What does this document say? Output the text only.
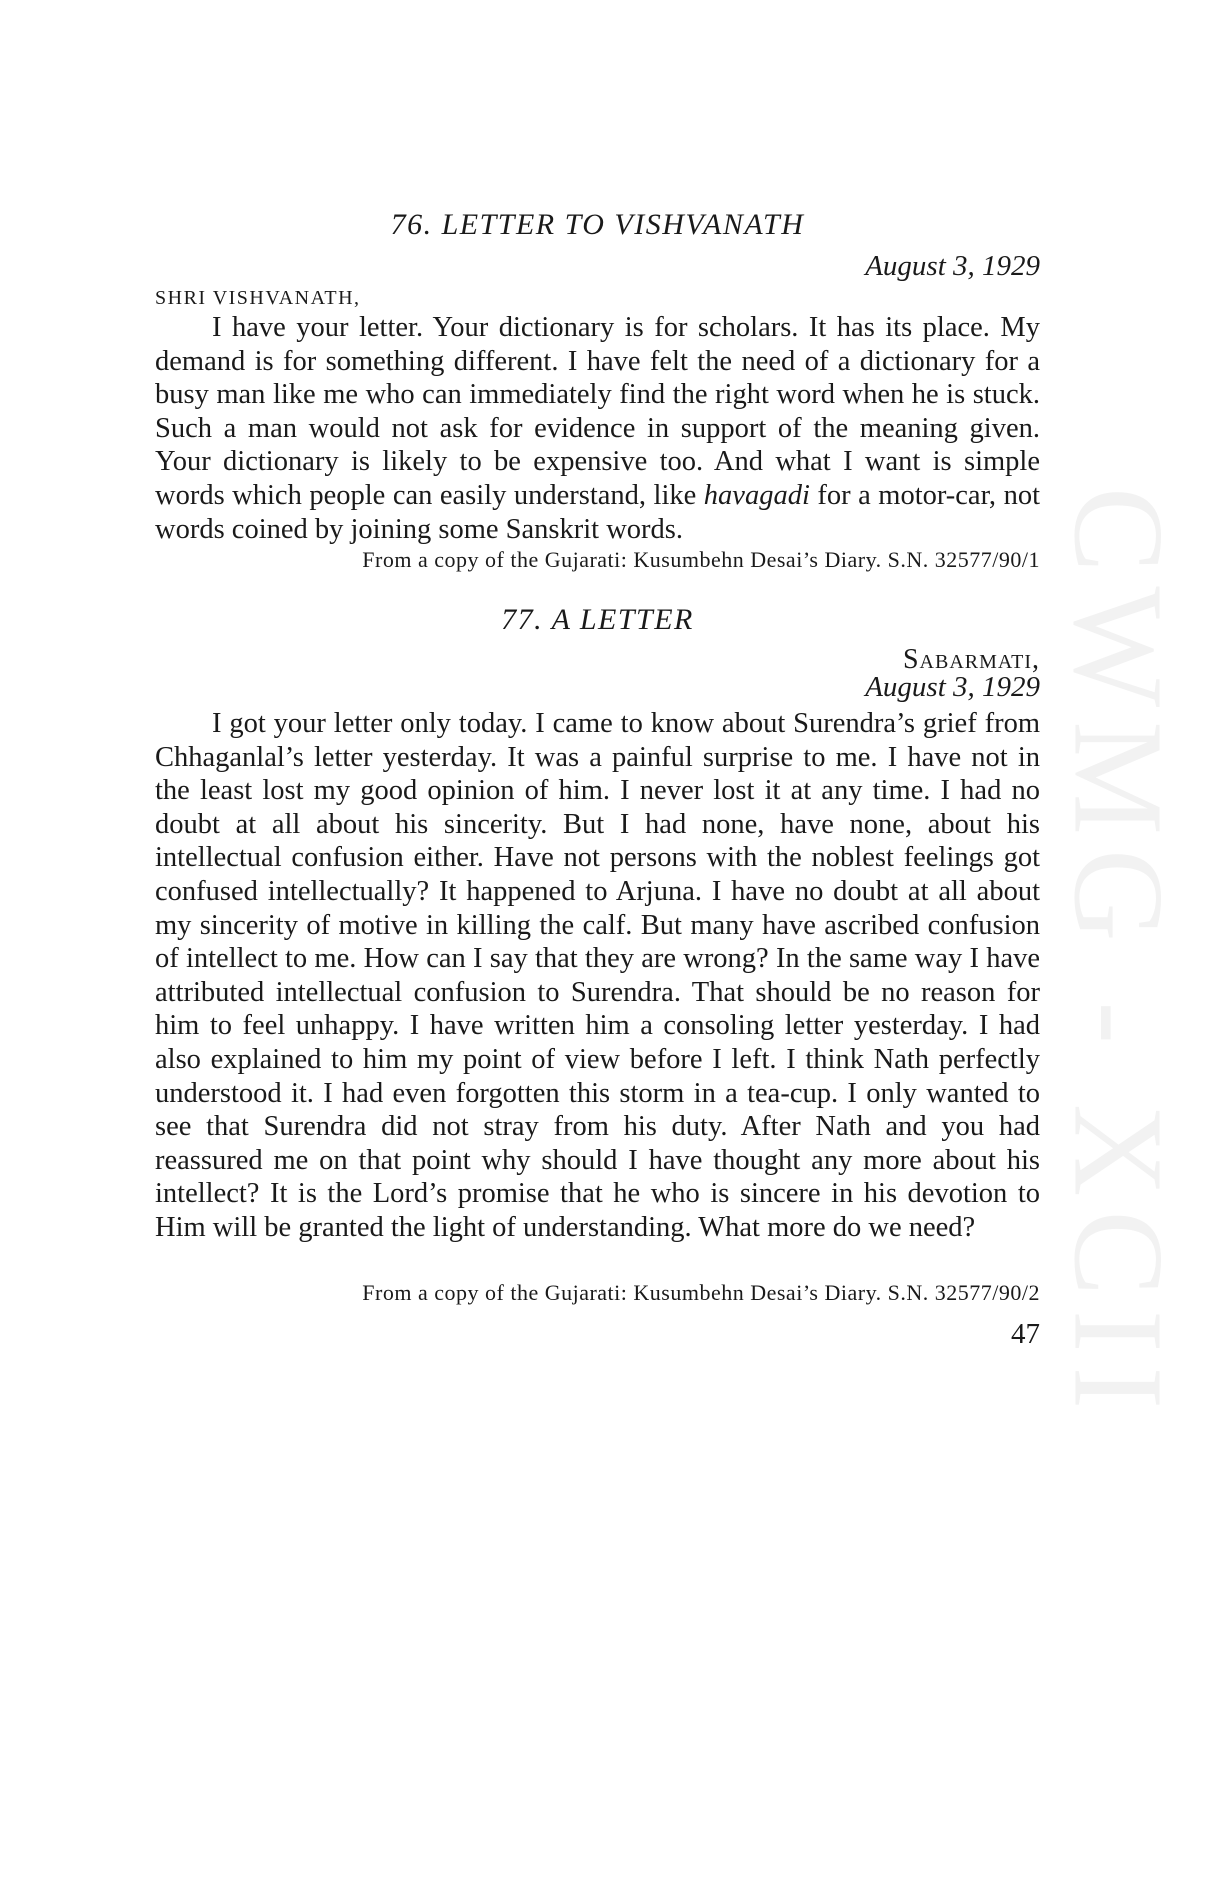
CWMG - XCII
76. LETTER TO VISHVANATH
August 3, 1929
SHRI VISHVANATH,

I have your letter. Your dictionary is for scholars. It has its place. My demand is for something different. I have felt the need of a dictionary for a busy man like me who can immediately find the right word when he is stuck. Such a man would not ask for evidence in support of the meaning given. Your dictionary is likely to be expensive too. And what I want is simple words which people can easily understand, like havagadi for a motor-car, not words coined by joining some Sanskrit words.

From a copy of the Gujarati: Kusumbehn Desai’s Diary. S.N. 32577/90/1
77. A LETTER
Sabarmati,
August 3, 1929

I got your letter only today. I came to know about Surendra’s grief from Chhaganlal’s letter yesterday. It was a painful surprise to me. I have not in the least lost my good opinion of him. I never lost it at any time. I had no doubt at all about his sincerity. But I had none, have none, about his intellectual confusion either. Have not persons with the noblest feelings got confused intellectually? It happened to Arjuna. I have no doubt at all about my sincerity of motive in killing the calf. But many have ascribed confusion of intellect to me. How can I say that they are wrong? In the same way I have attributed intellectual confusion to Surendra. That should be no reason for him to feel unhappy. I have written him a consoling letter yesterday. I had also explained to him my point of view before I left. I think Nath perfectly understood it. I had even forgotten this storm in a tea-cup. I only wanted to see that Surendra did not stray from his duty. After Nath and you had reassured me on that point why should I have thought any more about his intellect? It is the Lord’s promise that he who is sincere in his devotion to Him will be granted the light of understanding. What more do we need?

From a copy of the Gujarati: Kusumbehn Desai’s Diary. S.N. 32577/90/2
47
